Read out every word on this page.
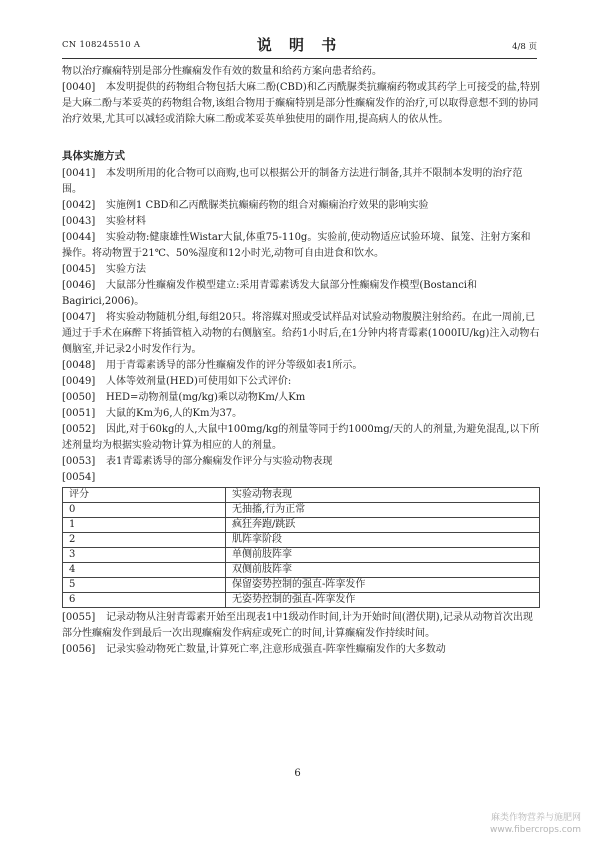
CN 108245510 A	说 明 书	4/8 页
物以治疗癫痫特别是部分性癫痫发作有效的数量和给药方案向患者给药。
[0040] 本发明提供的药物组合物包括大麻二酚(CBD)和乙丙酰脲类抗癫痫药物或其药学上可接受的盐,特别是大麻二酚与苯妥英的药物组合物,该组合物用于癫痫特别是部分性癫痫发作的治疗,可以取得意想不到的协同治疗效果,尤其可以减轻或消除大麻二酚或苯妥英单独使用的副作用,提高病人的依从性。
具体实施方式
[0041] 本发明所用的化合物可以商购,也可以根据公开的制备方法进行制备,其并不限制本发明的治疗范围。
[0042] 实施例1 CBD和乙丙酰脲类抗癫痫药物的组合对癫痫治疗效果的影响实验
[0043] 实验材料
[0044] 实验动物:健康雄性Wistar大鼠,体重75-110g。实验前,使动物适应试验环境、鼠笼、注射方案和操作。将动物置于21℃、50%湿度和12小时光,动物可自由进食和饮水。
[0045] 实验方法
[0046] 大鼠部分性癫痫发作模型建立:采用青霉素诱发大鼠部分性癫痫发作模型(Bostanci和Bagirici,2006)。
[0047] 将实验动物随机分组,每组20只。将溶媒对照或受试样品对试验动物腹膜注射给药。在此一周前,已通过于手术在麻醉下将插管植入动物的右侧脑室。给药1小时后,在1分钟内将青霉素(1000IU/kg)注入动物右侧脑室,并记录2小时发作行为。
[0048] 用于青霉素诱导的部分性癫痫发作的评分等级如表1所示。
[0049] 人体等效剂量(HED)可使用如下公式评价:
[0050] HED=动物剂量(mg/kg)乘以动物Km/人Km
[0051] 大鼠的Km为6,人的Km为37。
[0052] 因此,对于60kg的人,大鼠中100mg/kg的剂量等同于约1000mg/天的人的剂量,为避免混乱,以下所述剂量均为根据实验动物计算为相应的人的剂量。
[0053] 表1青霉素诱导的部分癫痫发作评分与实验动物表现
[0054]
评分	实验动物表现
0	无抽搐,行为正常
1	疯狂奔跑/跳跃
2	肌阵挛阶段
3	单侧前肢阵挛
4	双侧前肢阵挛
5	保留姿势控制的强直-阵挛发作
6	无姿势控制的强直-阵挛发作
[0055] 记录动物从注射青霉素开始至出现表1中1级动作时间,计为开始时间(潜伏期),记录从动物首次出现部分性癫痫发作到最后一次出现癫痫发作病症或死亡的时间,计算癫痫发作持续时间。
[0056] 记录实验动物死亡数量,计算死亡率,注意形成强直-阵挛性癫痫发作的大多数动
6
麻类作物营养与施肥网
www.fibercrops.com
